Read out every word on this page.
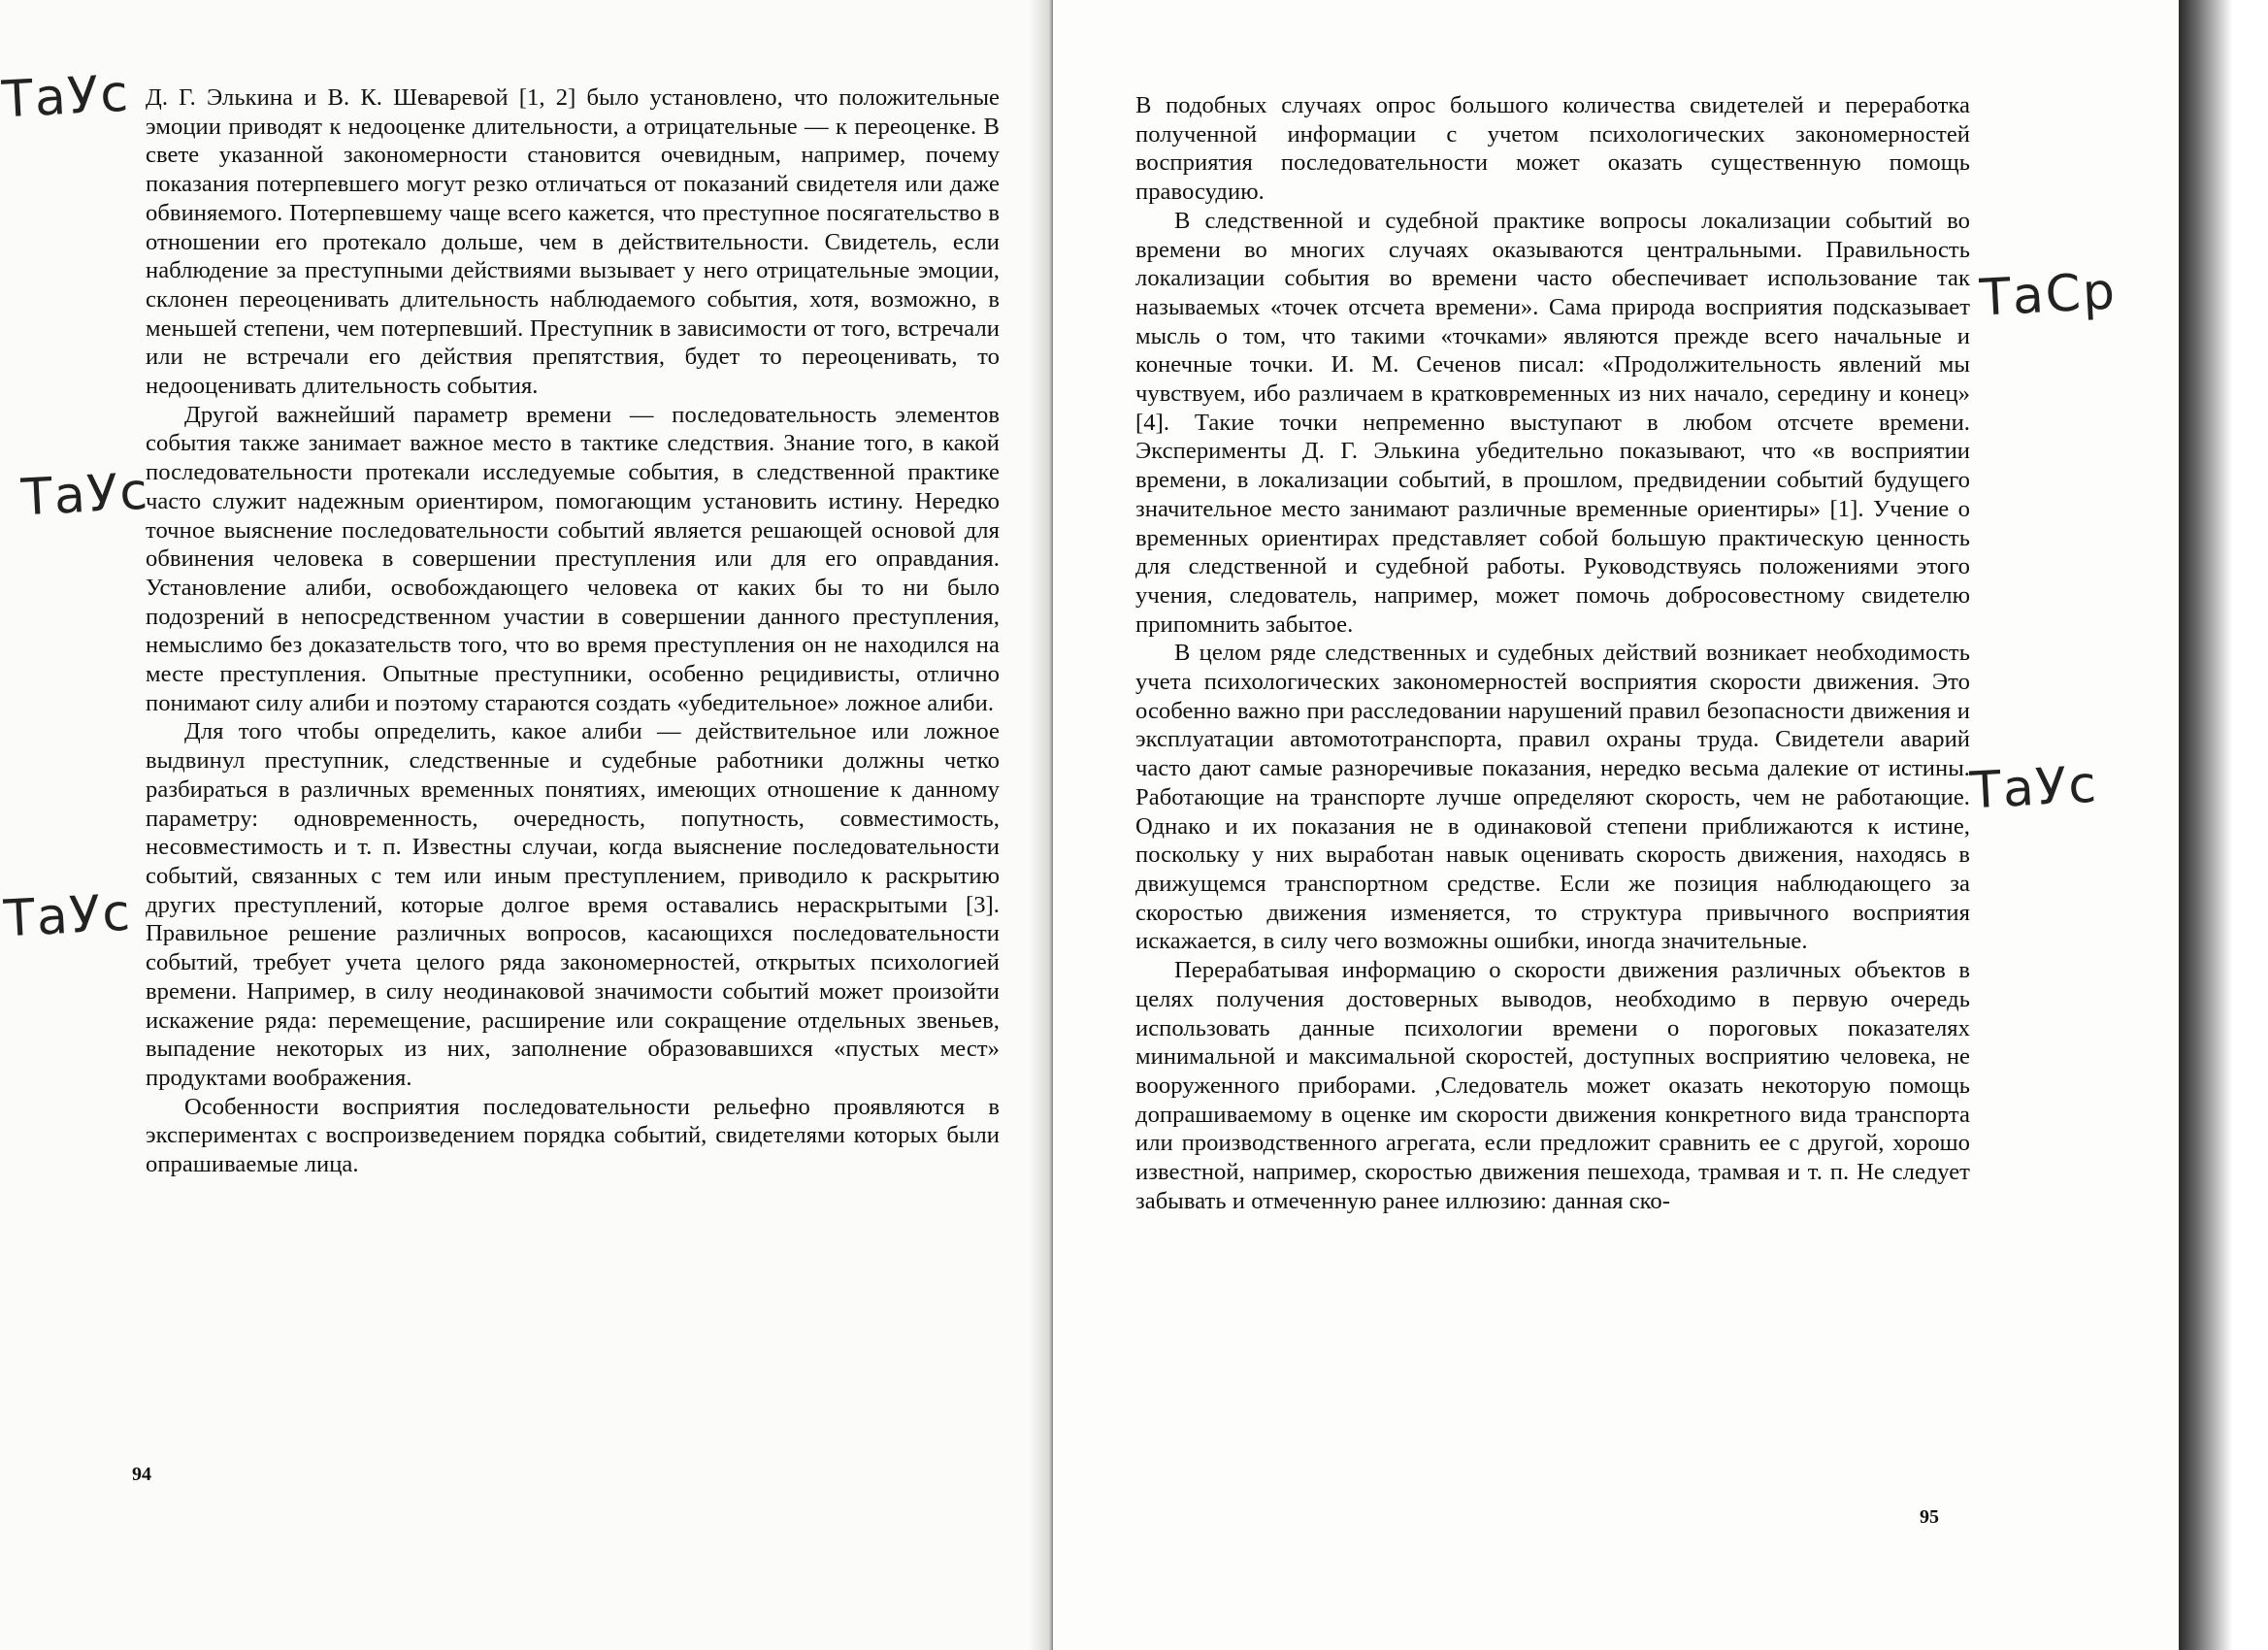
Д. Г. Элькина и В. К. Шеваревой [1, 2] было установлено, что положительные эмоции приводят к недооценке длительности, а отрицательные — к переоценке. В свете указанной закономерности становится очевидным, например, почему показания потерпевшего могут резко отличаться от показаний свидетеля или даже обвиняемого. Потерпевшему чаще всего кажется, что преступное посягательство в отношении его протекало дольше, чем в действительности. Свидетель, если наблюдение за преступными действиями вызывает у него отрицательные эмоции, склонен переоценивать длительность наблюдаемого события, хотя, возможно, в меньшей степени, чем потерпевший. Преступник в зависимости от того, встречали или не встречали его действия препятствия, будет то переоценивать, то недооценивать длительность события.

Другой важнейший параметр времени — последовательность элементов события также занимает важное место в тактике следствия. Знание того, в какой последовательности протекали исследуемые события, в следственной практике часто служит надежным ориентиром, помогающим установить истину. Нередко точное выяснение последовательности событий является решающей основой для обвинения человека в совершении преступления или для его оправдания. Установление алиби, освобождающего человека от каких бы то ни было подозрений в непосредственном участии в совершении данного преступления, немыслимо без доказательств того, что во время преступления он не находился на месте преступления. Опытные преступники, особенно рецидивисты, отлично понимают силу алиби и поэтому стараются создать «убедительное» ложное алиби.

Для того чтобы определить, какое алиби — действительное или ложное выдвинул преступник, следственные и судебные работники должны четко разбираться в различных временных понятиях, имеющих отношение к данному параметру: одновременность, очередность, попутность, совместимость, несовместимость и т. п. Известны случаи, когда выяснение последовательности событий, связанных с тем или иным преступлением, приводило к раскрытию других преступлений, которые долгое время оставались нераскрытыми [3]. Правильное решение различных вопросов, касающихся последовательности событий, требует учета целого ряда закономерностей, открытых психологией времени. Например, в силу неодинаковой значимости событий может произойти искажение ряда: перемещение, расширение или сокращение отдельных звеньев, выпадение некоторых из них, заполнение образовавшихся «пустых мест» продуктами воображения.

Особенности восприятия последовательности рельефно проявляются в экспериментах с воспроизведением порядка событий, свидетелями которых были опрашиваемые лица.

94
ТаУс
ТаУс
ТаУс

В подобных случаях опрос большого количества свидетелей и переработка полученной информации с учетом психологических закономерностей восприятия последовательности может оказать существенную помощь правосудию.

В следственной и судебной практике вопросы локализации событий во времени во многих случаях оказываются центральными. Правильность локализации события во времени часто обеспечивает использование так называемых «точек отсчета времени». Сама природа восприятия подсказывает мысль о том, что такими «точками» являются прежде всего начальные и конечные точки. И. М. Сеченов писал: «Продолжительность явлений мы чувствуем, ибо различаем в кратковременных из них начало, середину и конец» [4]. Такие точки непременно выступают в любом отсчете времени. Эксперименты Д. Г. Элькина убедительно показывают, что «в восприятии времени, в локализации событий, в прошлом, предвидении событий будущего значительное место занимают различные временные ориентиры» [1]. Учение о временных ориентирах представляет собой большую практическую ценность для следственной и судебной работы. Руководствуясь положениями этого учения, следователь, например, может помочь добросовестному свидетелю припомнить забытое.

В целом ряде следственных и судебных действий возникает необходимость учета психологических закономерностей восприятия скорости движения. Это особенно важно при расследовании нарушений правил безопасности движения и эксплуатации автомототранспорта, правил охраны труда. Свидетели аварий часто дают самые разноречивые показания, нередко весьма далекие от истины. Работающие на транспорте лучше определяют скорость, чем не работающие. Однако и их показания не в одинаковой степени приближаются к истине, поскольку у них выработан навык оценивать скорость движения, находясь в движущемся транспортном средстве. Если же позиция наблюдающего за скоростью движения изменяется, то структура привычного восприятия искажается, в силу чего возможны ошибки, иногда значительные.

Перерабатывая информацию о скорости движения различных объектов в целях получения достоверных выводов, необходимо в первую очередь использовать данные психологии времени о пороговых показателях минимальной и максимальной скоростей, доступных восприятию человека, не вооруженного приборами. ,Следователь может оказать некоторую помощь допрашиваемому в оценке им скорости движения конкретного вида транспорта или производственного агрегата, если предложит сравнить ее с другой, хорошо известной, например, скоростью движения пешехода, трамвая и т. п. Не следует забывать и отмеченную ранее иллюзию: данная ско-

95
ТаСр
ТаУс
